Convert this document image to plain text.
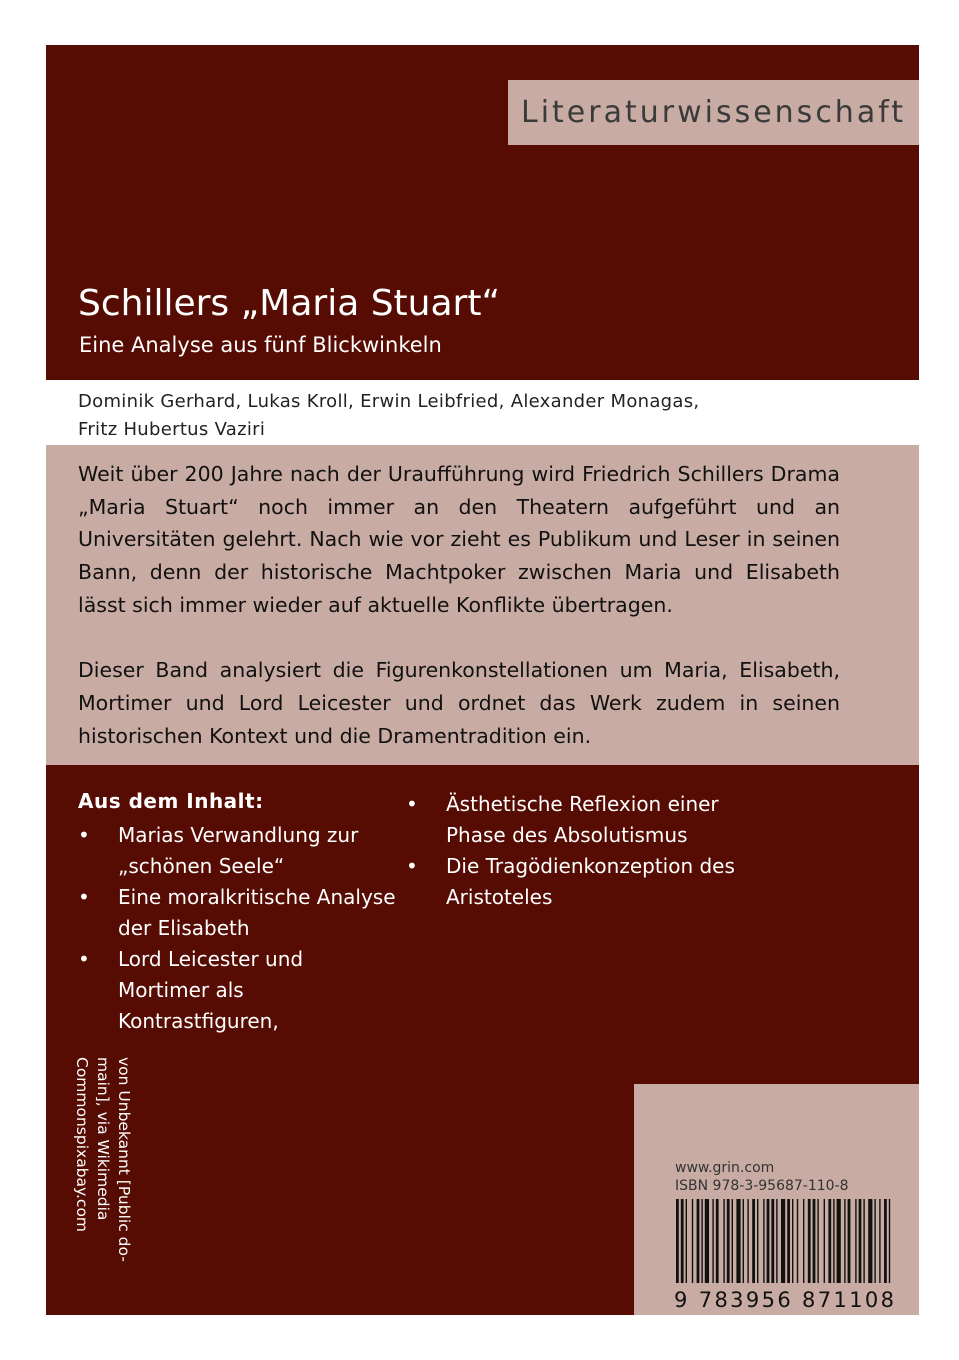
Literaturwissenschaft
Schillers „Maria Stuart“
Eine Analyse aus fünf Blickwinkeln
Dominik Gerhard, Lukas Kroll, Erwin Leibfried, Alexander Monagas,
Fritz Hubertus Vaziri

Weit über 200 Jahre nach der Uraufführung wird Friedrich Schillers Drama „Maria Stuart“ noch immer an den Theatern aufgeführt und an Universitäten gelehrt. Nach wie vor zieht es Publikum und Leser in seinen Bann, denn der historische Machtpoker zwischen Maria und Elisabeth lässt sich immer wieder auf aktuelle Konflikte übertragen.

Dieser Band analysiert die Figurenkonstellationen um Maria, Elisabeth, Mortimer und Lord Leicester und ordnet das Werk zudem in seinen historischen Kontext und die Dramentradition ein.

Aus dem Inhalt:
• Marias Verwandlung zur „schönen Seele“
• Eine moralkritische Analyse der Elisabeth
• Lord Leicester und Mortimer als Kontrastfiguren,
• Ästhetische Reflexion einer Phase des Absolutismus
• Die Tragödienkonzeption des Aristoteles
von Unbekannt [Public do-
main], via Wikimedia
Commonspixabay.com	www.grin.com
ISBN 978-3-95687-110-8
9 783956 871108
